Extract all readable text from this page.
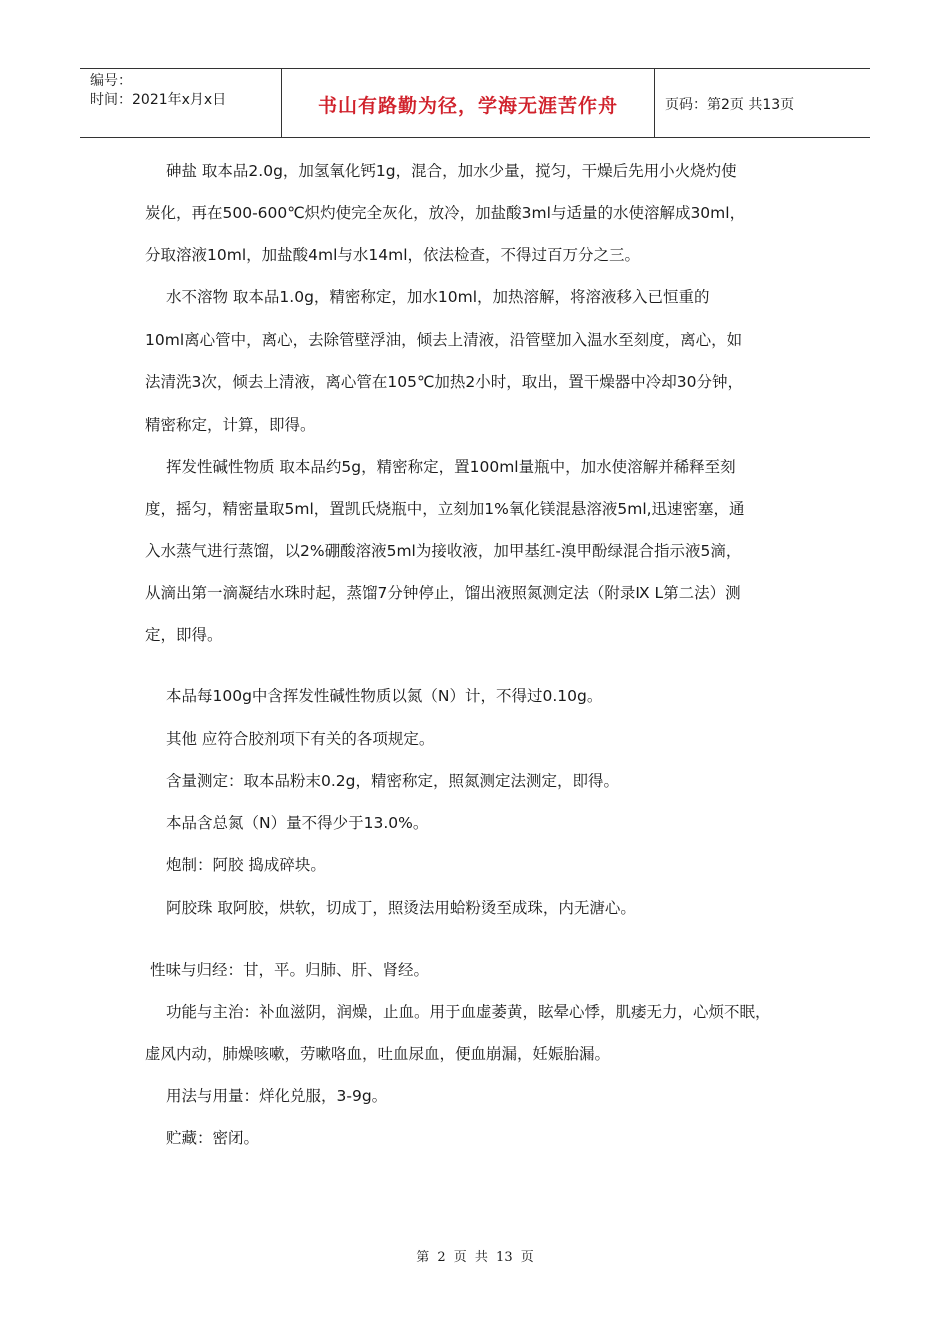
编号：
时间：2021年x月x日	书山有路勤为径，学海无涯苦作舟	页码：第2页 共13页
砷盐 取本品2.0g，加氢氧化钙1g，混合，加水少量，搅匀，干燥后先用小火烧灼使
炭化，再在500-600℃炽灼使完全灰化，放冷，加盐酸3ml与适量的水使溶解成30ml，
分取溶液10ml，加盐酸4ml与水14ml，依法检查，不得过百万分之三。
水不溶物 取本品1.0g，精密称定，加水10ml，加热溶解，将溶液移入已恒重的
10ml离心管中，离心，去除管壁浮油，倾去上清液，沿管壁加入温水至刻度，离心，如
法清洗3次，倾去上清液，离心管在105℃加热2小时，取出，置干燥器中冷却30分钟，
精密称定，计算，即得。
挥发性碱性物质 取本品约5g，精密称定，置100ml量瓶中，加水使溶解并稀释至刻
度，摇匀，精密量取5ml，置凯氏烧瓶中，立刻加1%氧化镁混悬溶液5ml,迅速密塞，通
入水蒸气进行蒸馏，以2%硼酸溶液5ml为接收液，加甲基红-溴甲酚绿混合指示液5滴，
从滴出第一滴凝结水珠时起，蒸馏7分钟停止，馏出液照氮测定法（附录Ⅸ L第二法）测
定，即得。
本品每100g中含挥发性碱性物质以氮（N）计，不得过0.10g。
其他 应符合胶剂项下有关的各项规定。
含量测定：取本品粉末0.2g，精密称定，照氮测定法测定，即得。
本品含总氮（N）量不得少于13.0%。
炮制：阿胶 捣成碎块。
阿胶珠 取阿胶，烘软，切成丁，照烫法用蛤粉烫至成珠，内无溏心。
性味与归经：甘，平。归肺、肝、肾经。
功能与主治：补血滋阴，润燥，止血。用于血虚萎黄，眩晕心悸，肌痿无力，心烦不眠，
虚风内动，肺燥咳嗽，劳嗽咯血，吐血尿血，便血崩漏，妊娠胎漏。
用法与用量：烊化兑服，3-9g。
贮藏：密闭。
第 2 页 共 13 页
